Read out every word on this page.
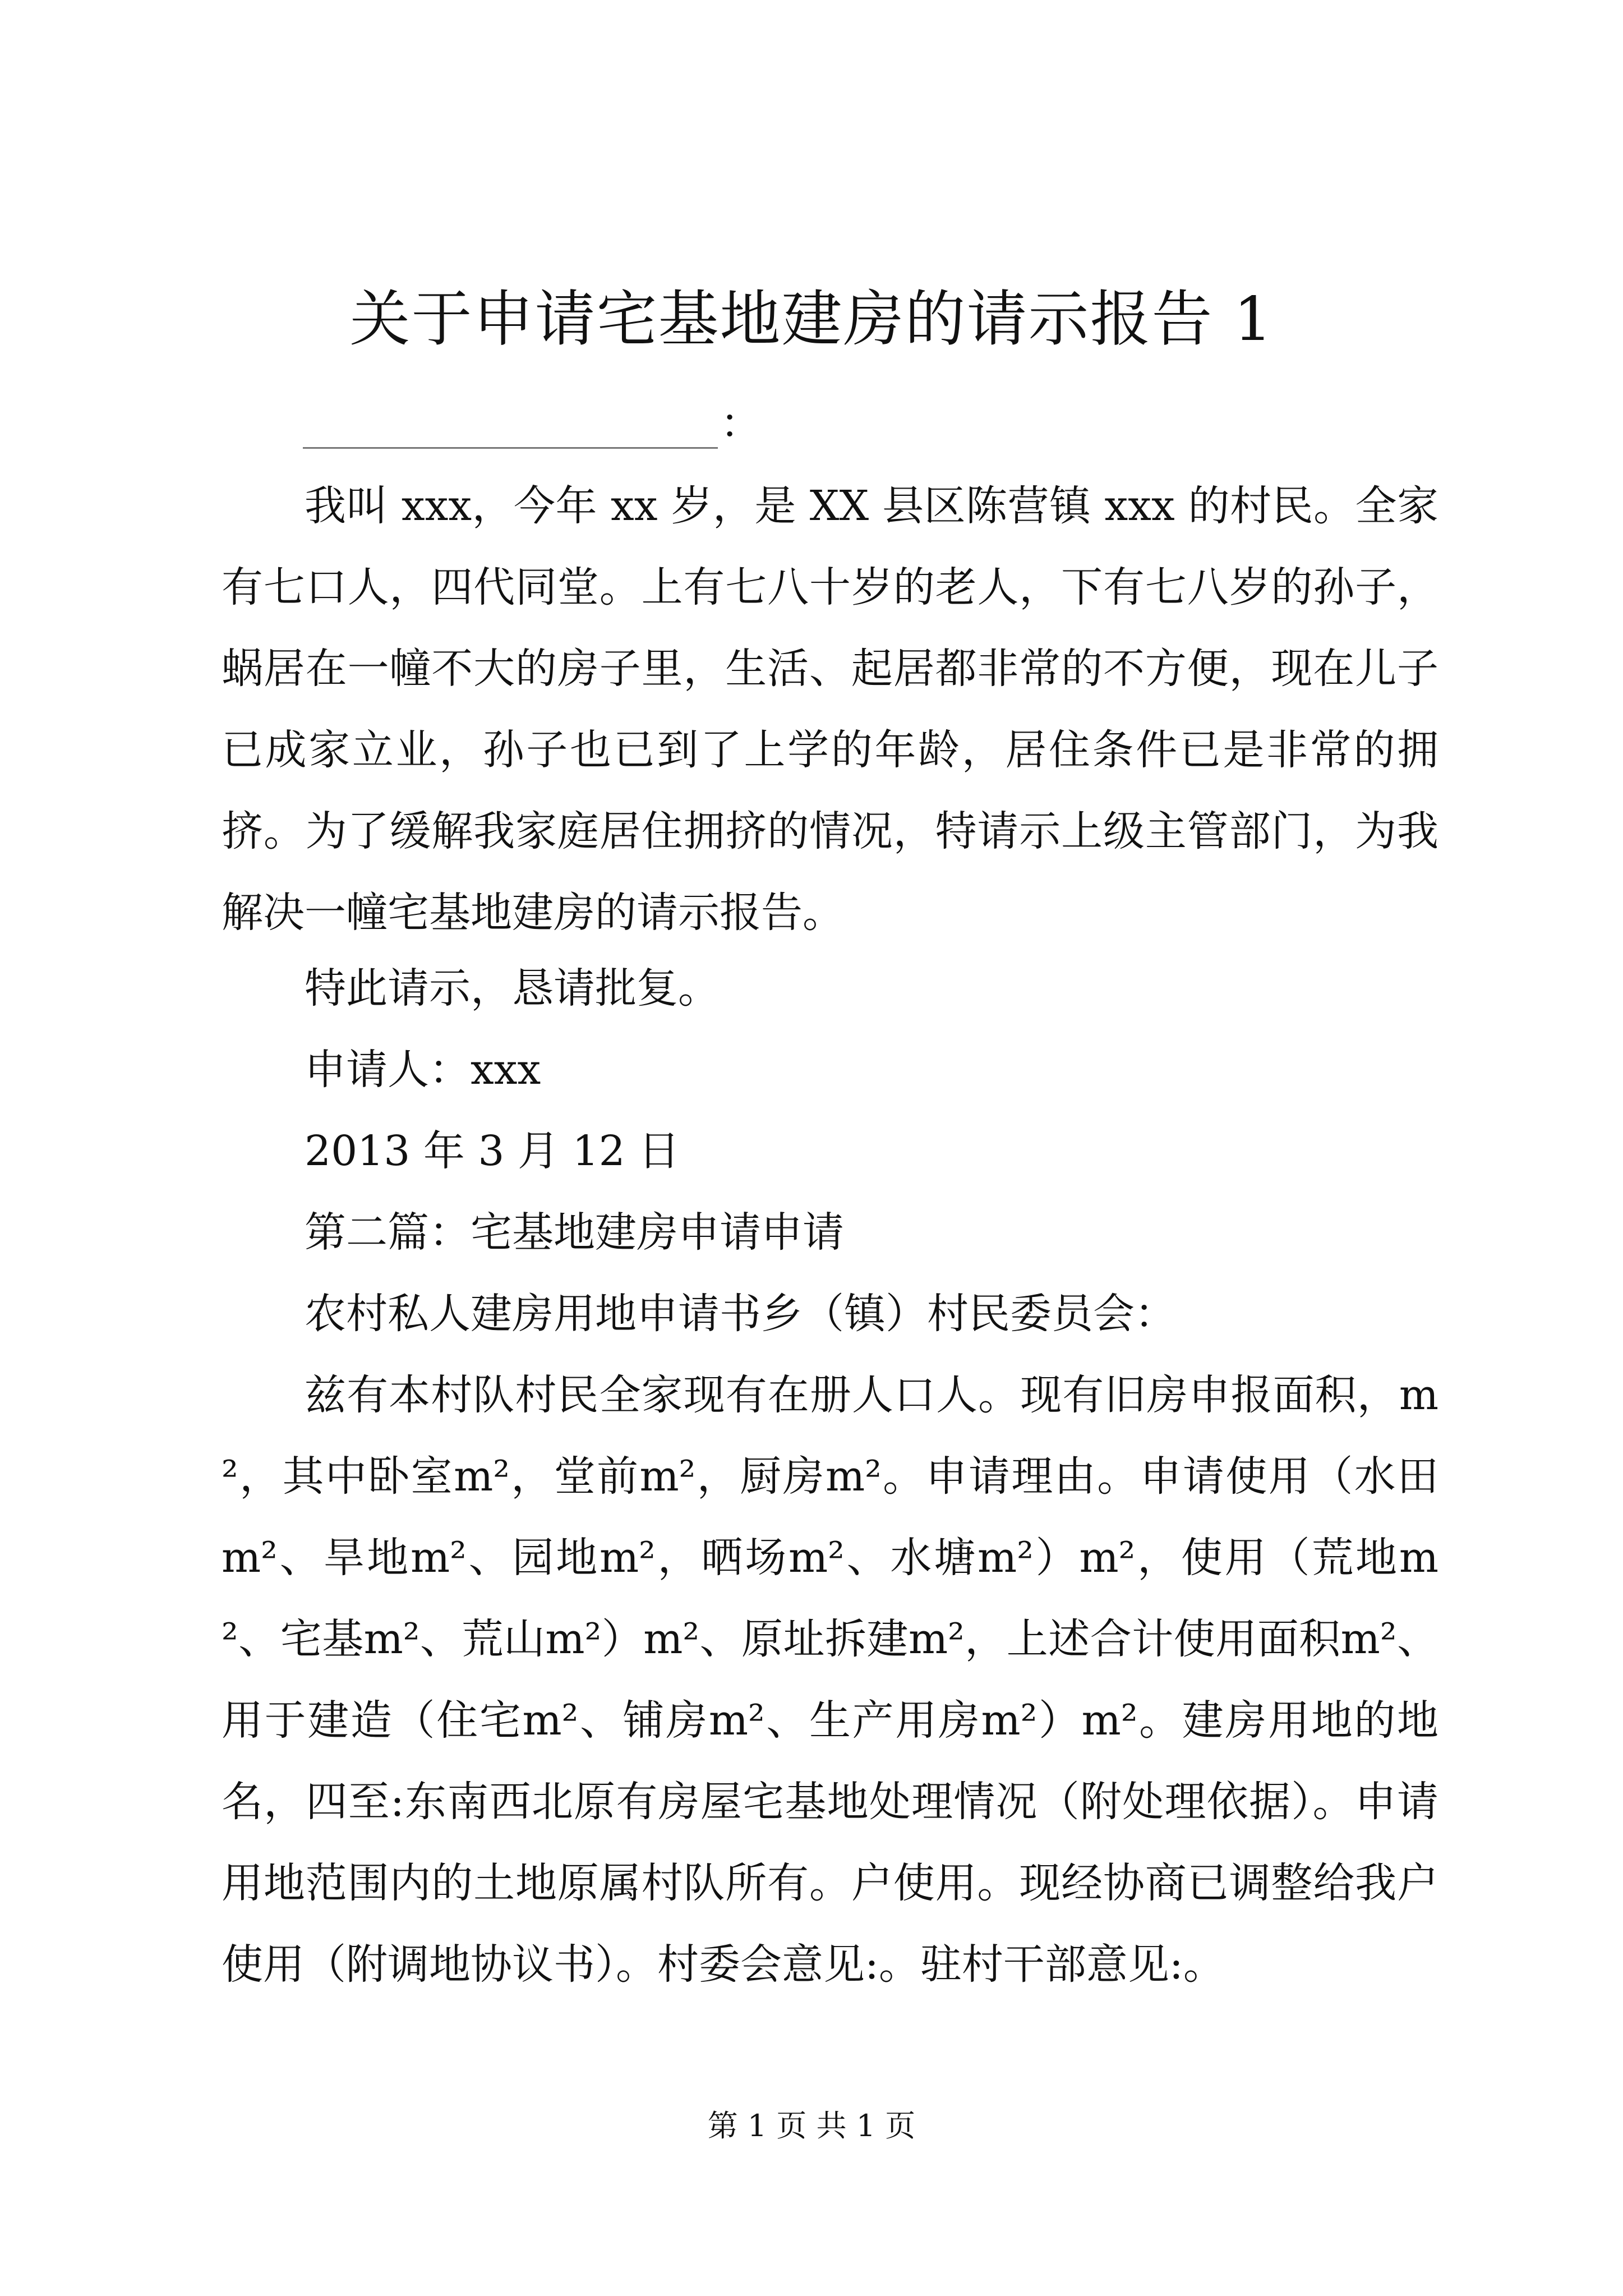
关于申请宅基地建房的请示报告 1
：

我叫 xxx，今年 xx 岁，是 XX 县区陈营镇 xxx 的村民。全家有七口人，四代同堂。上有七八十岁的老人，下有七八岁的孙子，蜗居在一幢不大的房子里，生活、起居都非常的不方便，现在儿子已成家立业，孙子也已到了上学的年龄，居住条件已是非常的拥挤。为了缓解我家庭居住拥挤的情况，特请示上级主管部门，为我解决一幢宅基地建房的请示报告。

特此请示，恳请批复。
申请人：xxx
2013 年 3 月 12 日
第二篇：宅基地建房申请申请
农村私人建房用地申请书乡（镇）村民委员会：

兹有本村队村民全家现有在册人口人。现有旧房申报面积，m²，其中卧室m²，堂前m²，厨房m²。申请理由。申请使用（水田m²、旱地m²、园地m²，晒场m²、水塘m²）m²，使用（荒地m²、宅基m²、荒山m²）m²、原址拆建m²，上述合计使用面积m²、用于建造（住宅m²、铺房m²、生产用房m²）m²。建房用地的地名，四至:东南西北原有房屋宅基地处理情况（附处理依据）。申请用地范围内的土地原属村队所有。户使用。现经协商已调整给我户使用（附调地协议书）。村委会意见:。驻村干部意见:。

第 1 页 共 1 页
